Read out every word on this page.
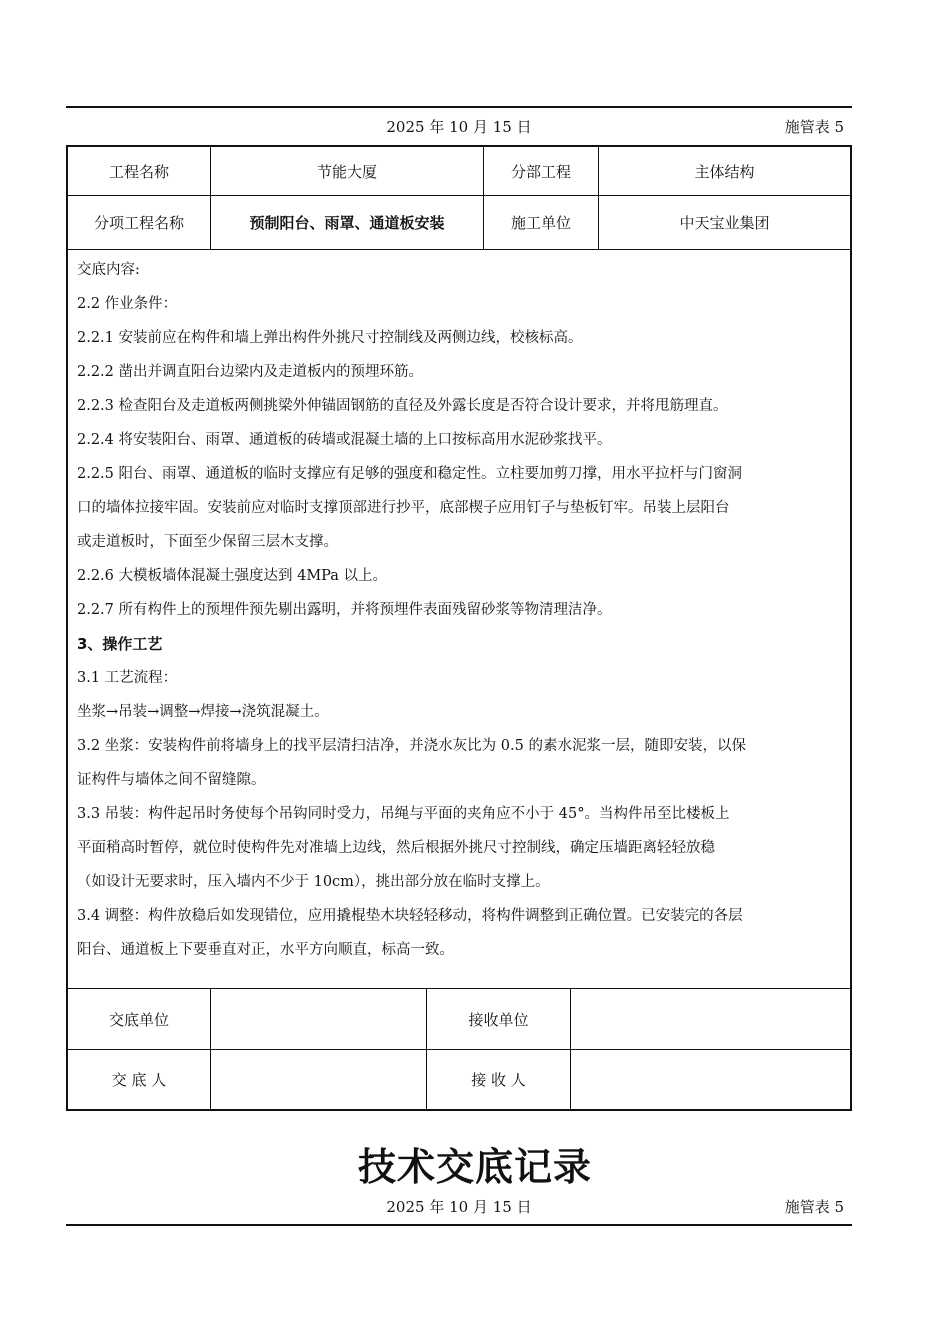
2025 年 10 月 15 日	施管表 5
工程名称	节能大厦	分部工程	主体结构
分项工程名称	预制阳台、雨罩、通道板安装	施工单位	中天宝业集团

交底内容:

2.2 作业条件：

2.2.1 安装前应在构件和墙上弹出构件外挑尺寸控制线及两侧边线，校核标高。

2.2.2 凿出并调直阳台边梁内及走道板内的预埋环筋。

2.2.3 检查阳台及走道板两侧挑梁外伸锚固钢筋的直径及外露长度是否符合设计要求，并将甩筋理直。

2.2.4 将安装阳台、雨罩、通道板的砖墙或混凝土墙的上口按标高用水泥砂浆找平。

2.2.5 阳台、雨罩、通道板的临时支撑应有足够的强度和稳定性。立柱要加剪刀撑，用水平拉杆与门窗洞

口的墙体拉接牢固。安装前应对临时支撑顶部进行抄平，底部楔子应用钉子与垫板钉牢。吊装上层阳台

或走道板时，下面至少保留三层木支撑。

2.2.6 大模板墙体混凝土强度达到 4MPa 以上。

2.2.7 所有构件上的预埋件预先剔出露明，并将预埋件表面残留砂浆等物清理洁净。

3、操作工艺

3.1 工艺流程：

坐浆→吊装→调整→焊接→浇筑混凝土。

3.2 坐浆：安装构件前将墙身上的找平层清扫洁净，并浇水灰比为 0.5 的素水泥浆一层，随即安装，以保

证构件与墙体之间不留缝隙。

3.3 吊装：构件起吊时务使每个吊钩同时受力，吊绳与平面的夹角应不小于 45°。当构件吊至比楼板上

平面稍高时暂停，就位时使构件先对准墙上边线，然后根据外挑尺寸控制线，确定压墙距离轻轻放稳

（如设计无要求时，压入墙内不少于 10cm），挑出部分放在临时支撑上。

3.4 调整：构件放稳后如发现错位，应用撬棍垫木块轻轻移动，将构件调整到正确位置。已安装完的各层

阳台、通道板上下要垂直对正，水平方向顺直，标高一致。

交底单位	接收单位
交 底 人	接 收 人
技术交底记录
2025 年 10 月 15 日	施管表 5
